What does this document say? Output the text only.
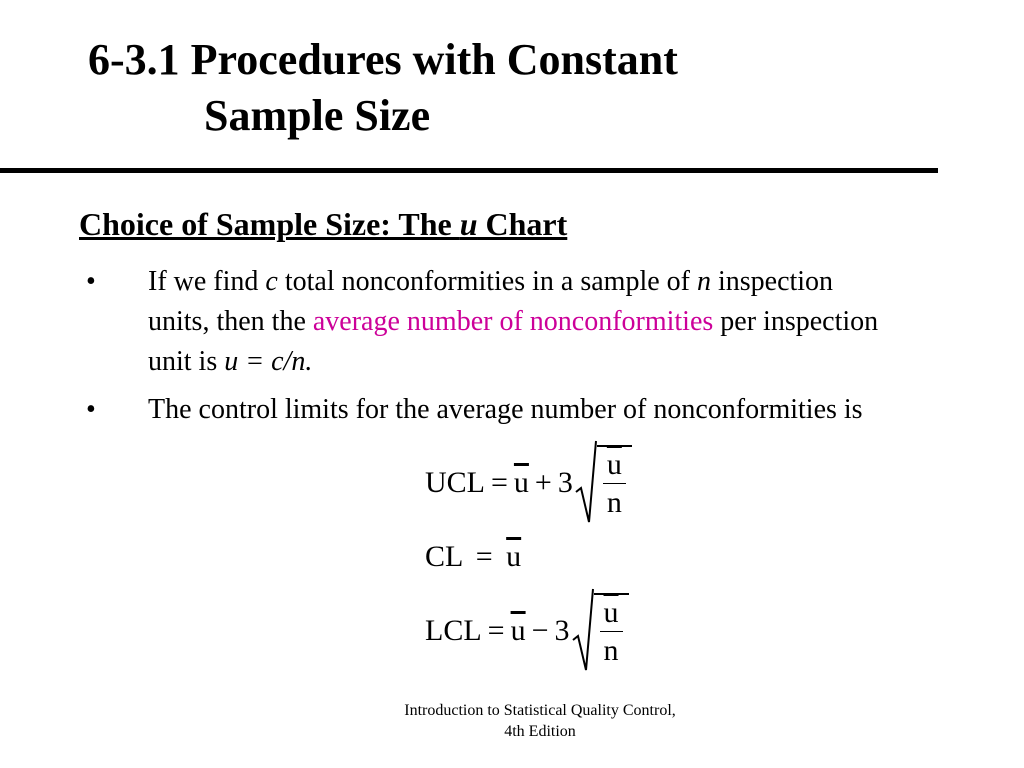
6-3.1 Procedures with Constant
Sample Size
Choice of Sample Size: The u Chart
• If we find c total nonconformities in a sample of n inspection units, then the average number of nonconformities per inspection unit is u = c/n.
• The control limits for the average number of nonconformities is
UCL = $\overline{u} + 3 \frac{\overline{u}}{n}$
CL = $\overline{u}$
LCL = $\overline{u} - 3 \frac{\overline{u}}{n}$
Introduction to Statistical Quality Control,
4th Edition
